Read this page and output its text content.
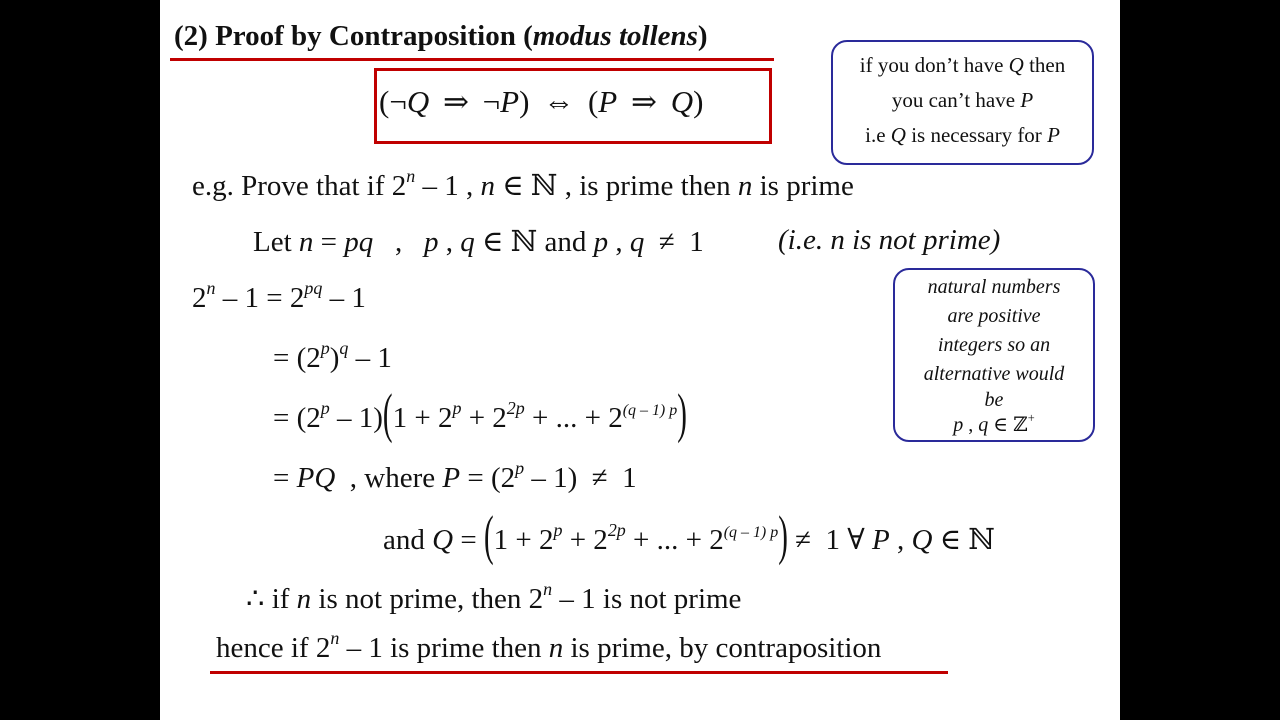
(2) Proof by Contraposition (modus tollens)
(¬Q ⇒ ¬P) ⇔ (P ⇒ Q)
if you don’t have Q then
you can’t have P
i.e Q is necessary for P
e.g. Prove that if 2$^n$ – 1 , n ∈ ℕ , is prime then n is prime
Let n = pq   ,   p , q ∈ ℕ and p , q  ≠  1	(i.e. n is not prime)
$2^n - 1 = 2^{pq} - 1$
= $(2^p)^q - 1$
= $(2^p - 1)(1 + 2^p + 2^{2p}$ + ... + $2^{(q - 1) p}$)
= PQ  , where $P = (2^p - 1) \ne 1$
and $Q = (1 + 2^p + 2^{2p}$ + ... + $2^{(q - 1) p}) \ne 1$ ∀ P , Q ∈ ℕ
natural numbers
are positive
integers so an
alternative would
be
p , q ∈ ℤ+
∴ if n is not prime, then 2$^n$ – 1 is not prime
hence if 2$^n$ – 1 is prime then n is prime, by contraposition
